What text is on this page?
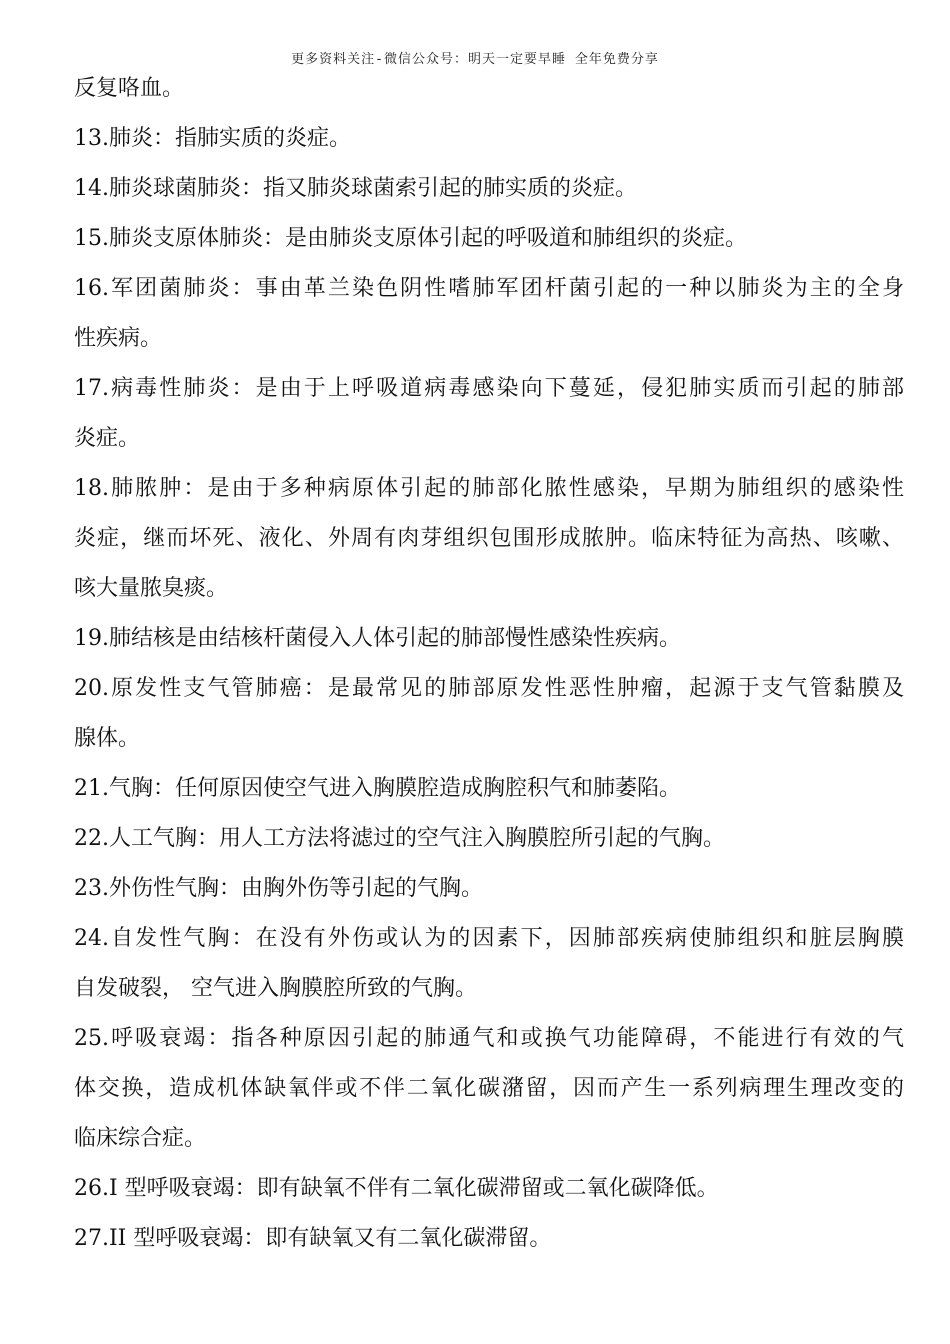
更多资料关注-微信公众号：明天一定要早睡 全年免费分享
反复咯血。
13.肺炎：指肺实质的炎症。
14.肺炎球菌肺炎：指又肺炎球菌索引起的肺实质的炎症。
15.肺炎支原体肺炎：是由肺炎支原体引起的呼吸道和肺组织的炎症。
16.军团菌肺炎：事由革兰染色阴性嗜肺军团杆菌引起的一种以肺炎为主的全身
性疾病。
17.病毒性肺炎：是由于上呼吸道病毒感染向下蔓延，侵犯肺实质而引起的肺部
炎症。
18.肺脓肿：是由于多种病原体引起的肺部化脓性感染，早期为肺组织的感染性
炎症，继而坏死、液化、外周有肉芽组织包围形成脓肿。临床特征为高热、咳嗽、
咳大量脓臭痰。
19.肺结核是由结核杆菌侵入人体引起的肺部慢性感染性疾病。
20.原发性支气管肺癌：是最常见的肺部原发性恶性肿瘤，起源于支气管黏膜及
腺体。
21.气胸：任何原因使空气进入胸膜腔造成胸腔积气和肺萎陷。
22.人工气胸：用人工方法将滤过的空气注入胸膜腔所引起的气胸。
23.外伤性气胸：由胸外伤等引起的气胸。
24.自发性气胸：在没有外伤或认为的因素下，因肺部疾病使肺组织和脏层胸膜
自发破裂， 空气进入胸膜腔所致的气胸。
25.呼吸衰竭：指各种原因引起的肺通气和或换气功能障碍，不能进行有效的气
体交换，造成机体缺氧伴或不伴二氧化碳潴留，因而产生一系列病理生理改变的
临床综合症。
26.I 型呼吸衰竭：即有缺氧不伴有二氧化碳滞留或二氧化碳降低。
27.II 型呼吸衰竭：即有缺氧又有二氧化碳滞留。
